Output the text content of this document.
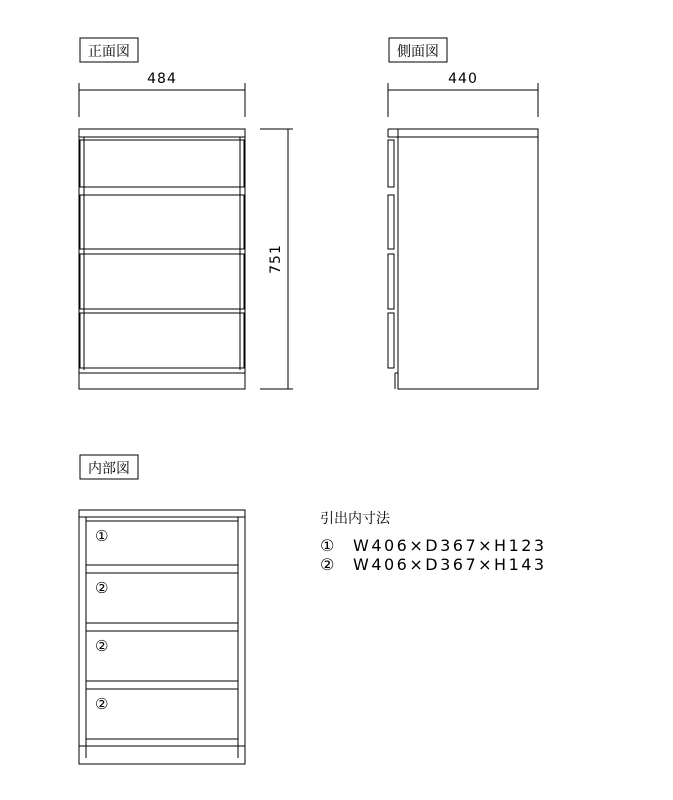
正面図	側面図
内部図
484	440
751
①
②
②
②
引出内寸法
① W406×D367×H123
② W406×D367×H143
